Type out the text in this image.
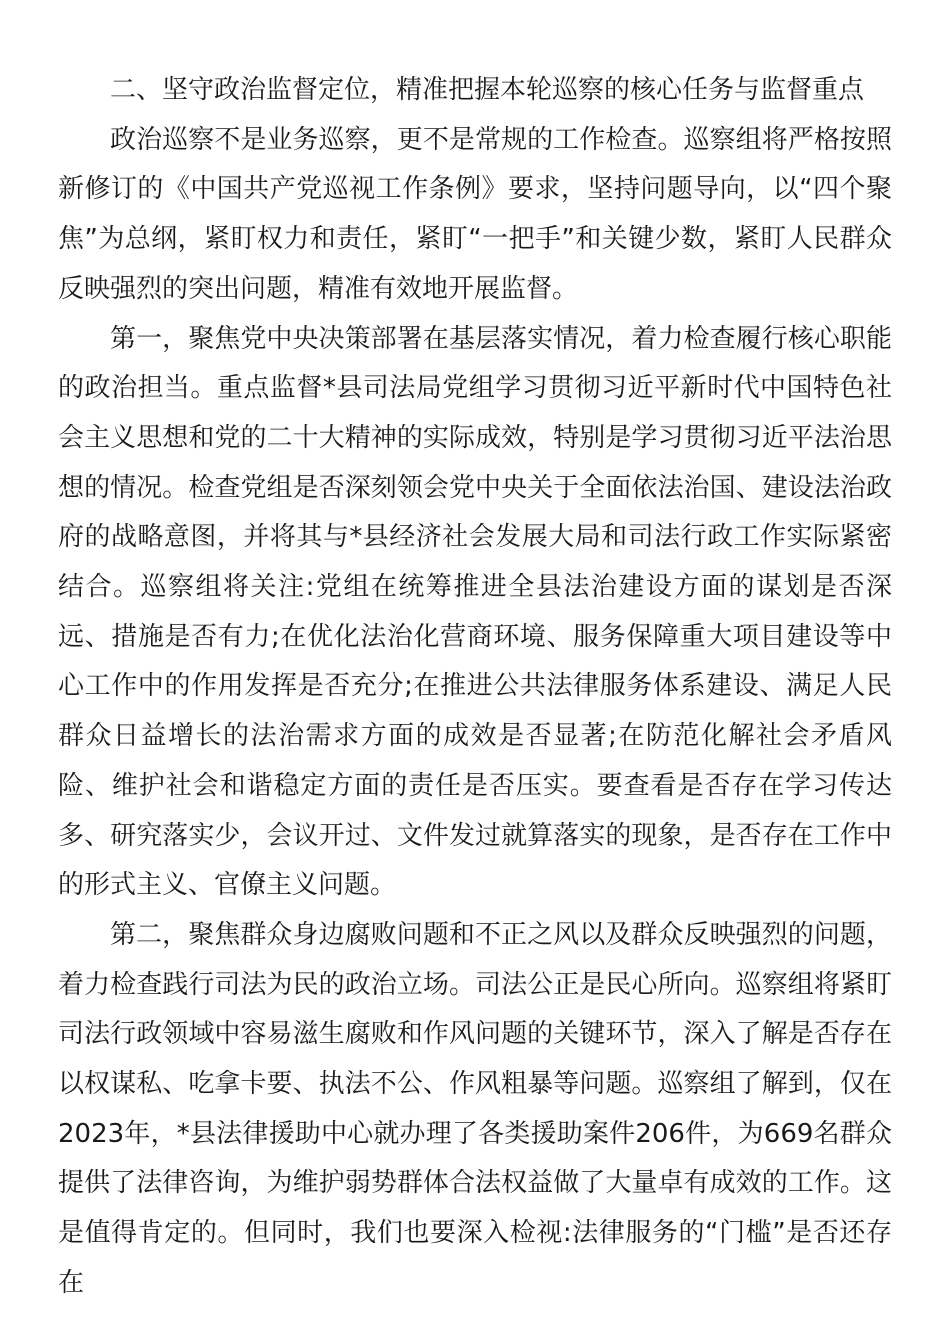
二、坚守政治监督定位，精准把握本轮巡察的核心任务与监督重点

政治巡察不是业务巡察，更不是常规的工作检查。巡察组将严格按照新修订的《中国共产党巡视工作条例》要求，坚持问题导向，以“四个聚焦”为总纲，紧盯权力和责任，紧盯“一把手”和关键少数，紧盯人民群众反映强烈的突出问题，精准有效地开展监督。

第一，聚焦党中央决策部署在基层落实情况，着力检查履行核心职能的政治担当。重点监督*县司法局党组学习贯彻习近平新时代中国特色社会主义思想和党的二十大精神的实际成效，特别是学习贯彻习近平法治思想的情况。检查党组是否深刻领会党中央关于全面依法治国、建设法治政府的战略意图，并将其与*县经济社会发展大局和司法行政工作实际紧密结合。巡察组将关注:党组在统筹推进全县法治建设方面的谋划是否深远、措施是否有力;在优化法治化营商环境、服务保障重大项目建设等中心工作中的作用发挥是否充分;在推进公共法律服务体系建设、满足人民群众日益增长的法治需求方面的成效是否显著;在防范化解社会矛盾风险、维护社会和谐稳定方面的责任是否压实。要查看是否存在学习传达多、研究落实少，会议开过、文件发过就算落实的现象，是否存在工作中的形式主义、官僚主义问题。

第二，聚焦群众身边腐败问题和不正之风以及群众反映强烈的问题，着力检查践行司法为民的政治立场。司法公正是民心所向。巡察组将紧盯司法行政领域中容易滋生腐败和作风问题的关键环节，深入了解是否存在以权谋私、吃拿卡要、执法不公、作风粗暴等问题。巡察组了解到，仅在2023年，*县法律援助中心就办理了各类援助案件206件，为669名群众提供了法律咨询，为维护弱势群体合法权益做了大量卓有成效的工作。这是值得肯定的。但同时，我们也要深入检视:法律服务的“门槛”是否还存在
